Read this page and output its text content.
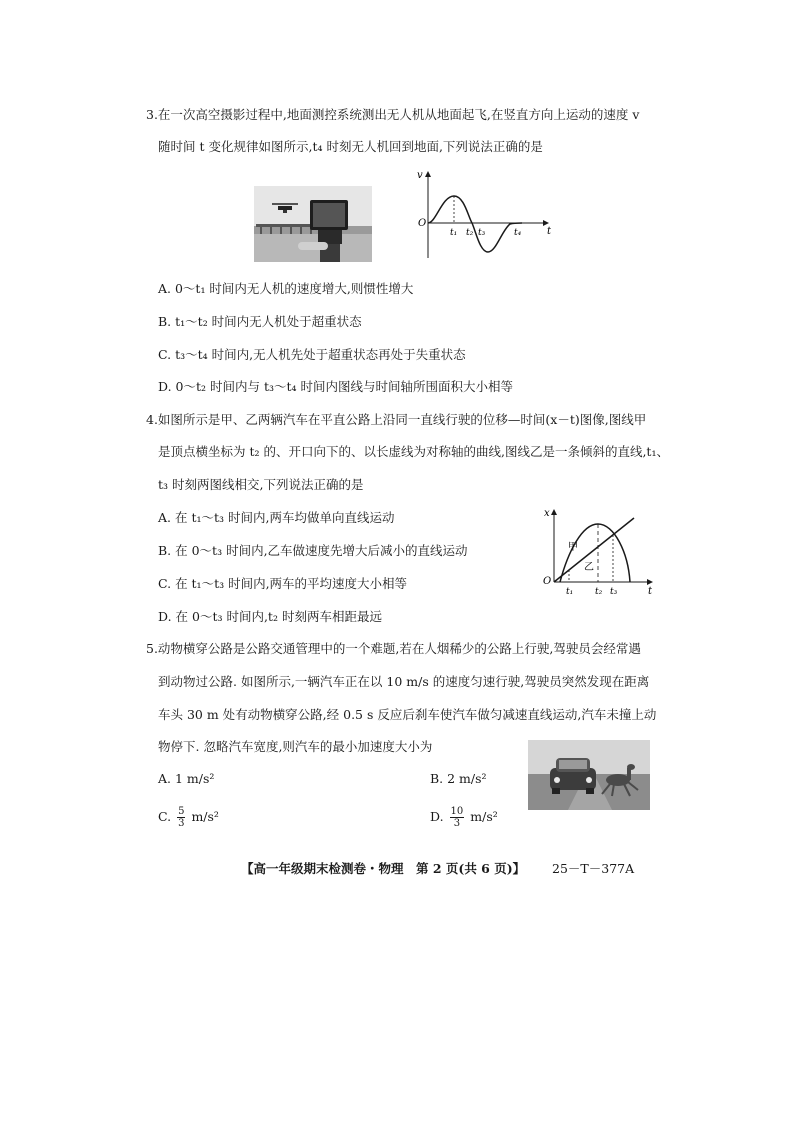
3.在一次高空摄影过程中,地面测控系统测出无人机从地面起飞,在竖直方向上运动的速度 v
随时间 t 变化规律如图所示,t₄ 时刻无人机回到地面,下列说法正确的是
v
t
O
t₁ t₂ t₃	t₄
A. 0～t₁ 时间内无人机的速度增大,则惯性增大
B. t₁～t₂ 时间内无人机处于超重状态
C. t₃～t₄ 时间内,无人机先处于超重状态再处于失重状态
D. 0～t₂ 时间内与 t₃～t₄ 时间内图线与时间轴所围面积大小相等
4.如图所示是甲、乙两辆汽车在平直公路上沿同一直线行驶的位移—时间(x－t)图像,图线甲
是顶点横坐标为 t₂ 的、开口向下的、以长虚线为对称轴的曲线,图线乙是一条倾斜的直线,t₁、
t₃ 时刻两图线相交,下列说法正确的是
A. 在 t₁～t₃ 时间内,两车均做单向直线运动
B. 在 0～t₃ 时间内,乙车做速度先增大后减小的直线运动
C. 在 t₁～t₃ 时间内,两车的平均速度大小相等
D. 在 0～t₃ 时间内,t₂ 时刻两车相距最远
x
t
O
甲
乙
t₁ t₂ t₃
5.动物横穿公路是公路交通管理中的一个难题,若在人烟稀少的公路上行驶,驾驶员会经常遇
到动物过公路. 如图所示,一辆汽车正在以 10 m/s 的速度匀速行驶,驾驶员突然发现在距离
车头 30 m 处有动物横穿公路,经 0.5 s 反应后刹车使汽车做匀减速直线运动,汽车未撞上动
物停下. 忽略汽车宽度,则汽车的最小加速度大小为
A. 1 m/s²	B. 2 m/s²
C. $\frac{5}{3} m/s^2$	D. $\frac{10}{3} m/s^2$
【高一年级期末检测卷・物理　第 2 页(共 6 页)】 25－T－377A
